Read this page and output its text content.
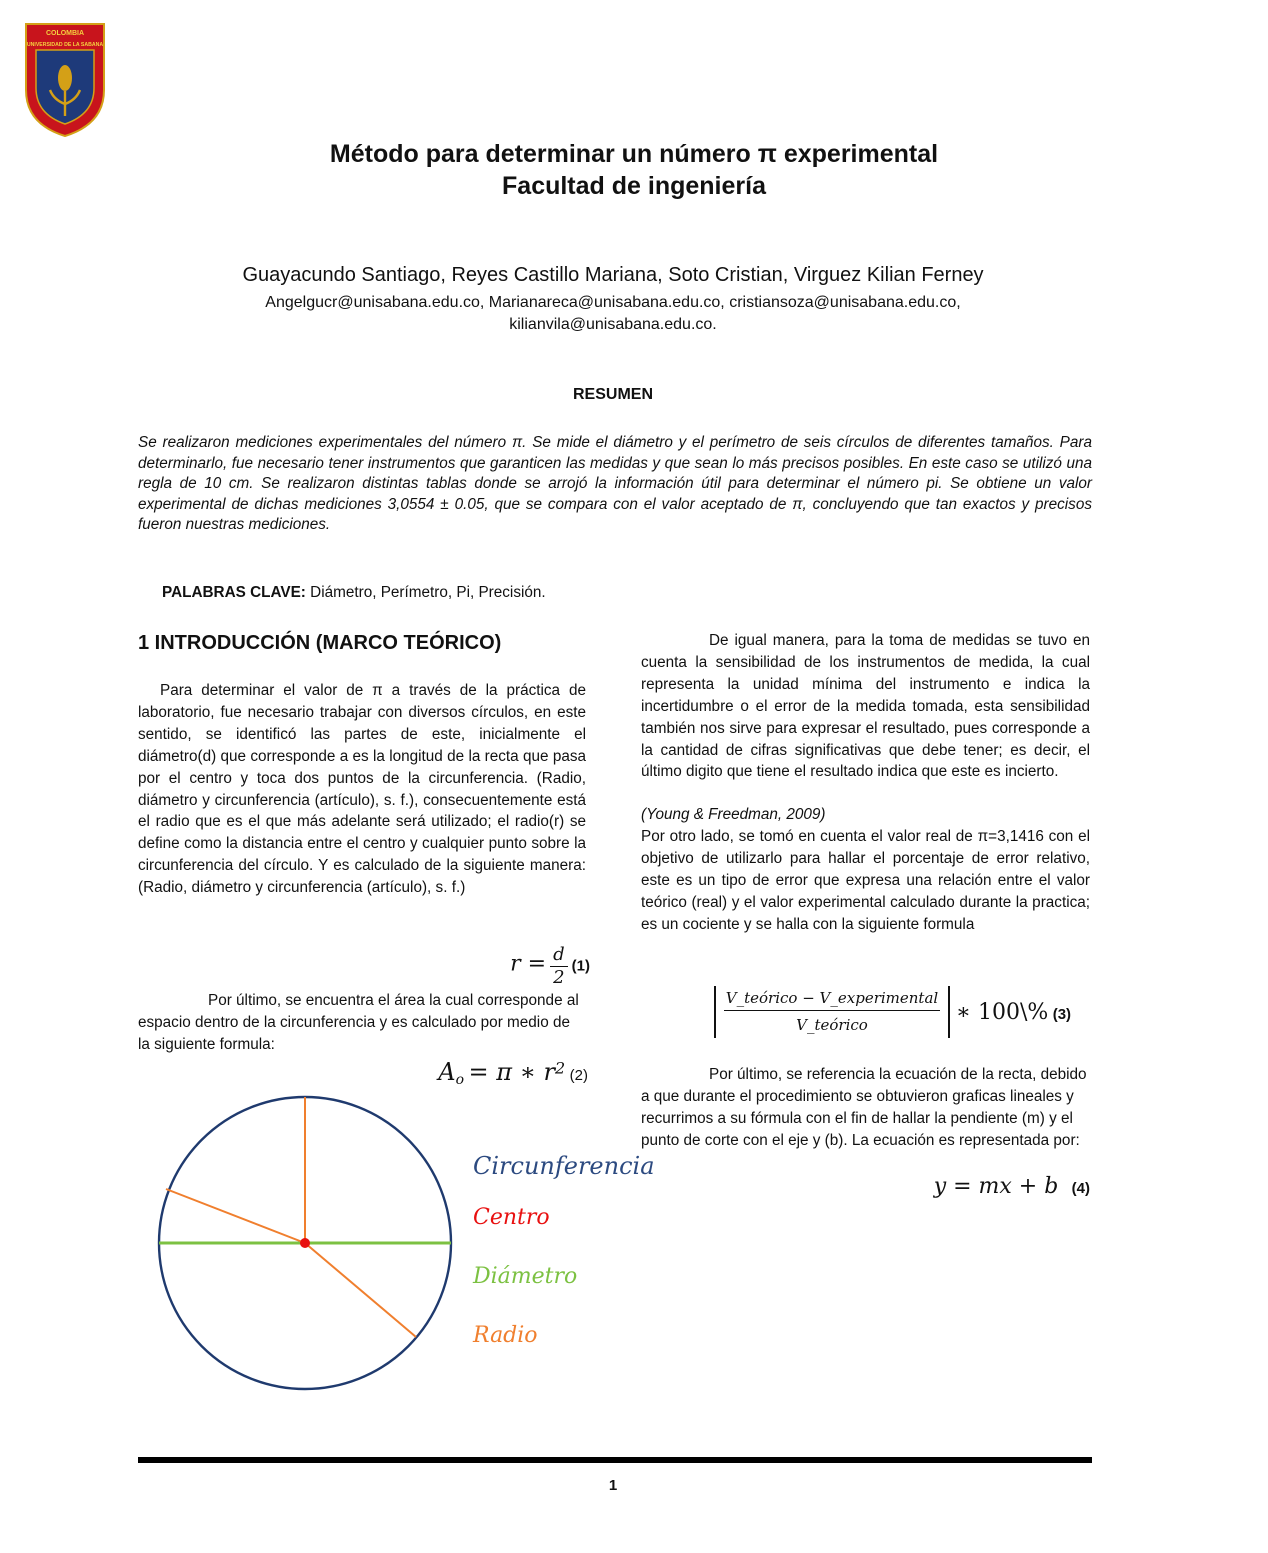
COLOMBIA
UNIVERSIDAD DE LA SABANA

Método para determinar un número π experimental

Facultad de ingeniería

Guayacundo Santiago, Reyes Castillo Mariana, Soto Cristian, Virguez Kilian Ferney
Angelgucr@unisabana.edu.co, Marianareca@unisabana.edu.co, cristiansoza@unisabana.edu.co,
kilianvila@unisabana.edu.co.
RESUMEN

Se realizaron mediciones experimentales del número π. Se mide el diámetro y el perímetro de seis círculos de diferentes tamaños. Para determinarlo, fue necesario tener instrumentos que garanticen las medidas y que sean lo más precisos posibles. En este caso se utilizó una regla de 10 cm. Se realizaron distintas tablas donde se arrojó la información útil para determinar el número pi. Se obtiene un valor experimental de dichas mediciones 3,0554 ± 0.05, que se compara con el valor aceptado de π, concluyendo que tan exactos y precisos fueron nuestras mediciones.

PALABRAS CLAVE: Diámetro, Perímetro, Pi, Precisión.
1 INTRODUCCIÓN (MARCO TEÓRICO)

Para determinar el valor de π a través de la práctica de laboratorio, fue necesario trabajar con diversos círculos, en este sentido, se identificó las partes de este, inicialmente el diámetro(d) que corresponde a es la longitud de la recta que pasa por el centro y toca dos puntos de la circunferencia. (Radio, diámetro y circunferencia (artículo), s. f.), consecuentemente está el radio que es el que más adelante será utilizado; el radio(r) se define como la distancia entre el centro y cualquier punto sobre la circunferencia del círculo. Y es calculado de la siguiente manera: (Radio, diámetro y circunferencia (artículo), s. f.)

$r = \frac{d}{2} (1)$

Por último, se encuentra el área la cual corresponde al espacio dentro de la circunferencia y es calculado por medio de la siguiente formula:

$A_o = \pi$ ∗ $r^2$ (2)
Circunferencia
Centro
Diámetro
Radio

De igual manera, para la toma de medidas se tuvo en cuenta la sensibilidad de los instrumentos de medida, la cual representa la unidad mínima del instrumento e indica la incertidumbre o el error de la medida tomada, esta sensibilidad también nos sirve para expresar el resultado, pues corresponde a la cantidad de cifras significativas que debe tener; es decir, el último digito que tiene el resultado indica que este es incierto.

(Young & Freedman, 2009)

Por otro lado, se tomó en cuenta el valor real de π=3,1416 con el objetivo de utilizarlo para hallar el porcentaje de error relativo, este es un tipo de error que expresa una relación entre el valor teórico (real) y el valor experimental calculado durante la practica; es un cociente y se halla con la siguiente formula

V_teórico − V_experimental
V_teórico	∗ 100\% (3)

Por último, se referencia la ecuación de la recta, debido a que durante el procedimiento se obtuvieron graficas lineales y recurrimos a su fórmula con el fin de hallar la pendiente (m) y el punto de corte con el eje y (b). La ecuación es representada por:

y = mx + b (4)
1
